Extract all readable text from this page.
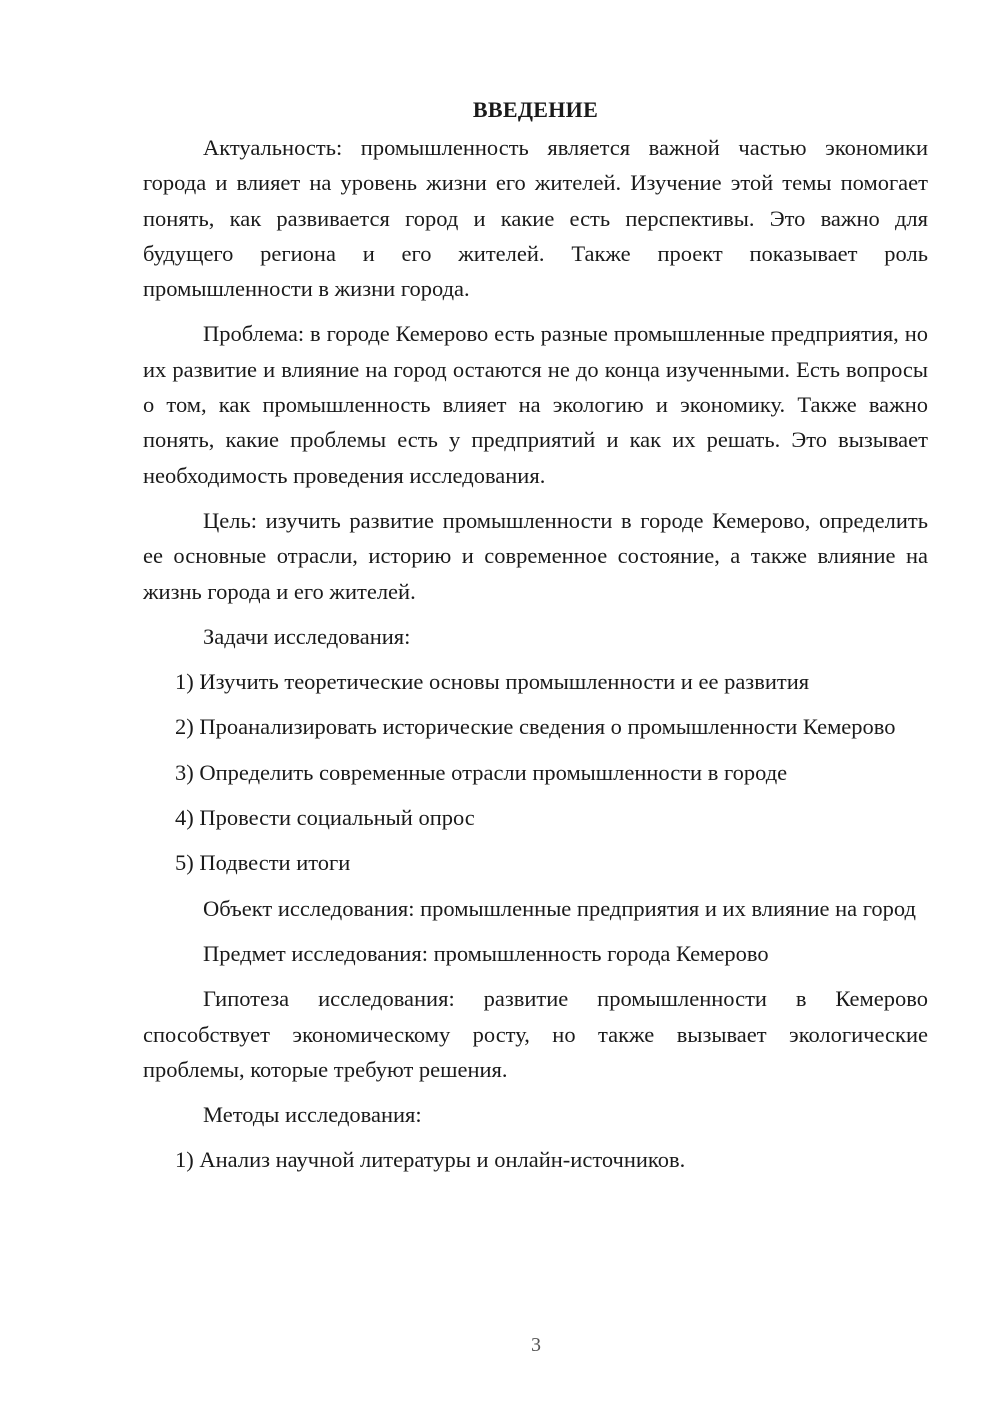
ВВЕДЕНИЕ

Актуальность: промышленность является важной частью экономики города и влияет на уровень жизни его жителей. Изучение этой темы помогает понять, как развивается город и какие есть перспективы. Это важно для будущего региона и его жителей. Также проект показывает роль промышленности в жизни города.

Проблема: в городе Кемерово есть разные промышленные предприятия, но их развитие и влияние на город остаются не до конца изученными. Есть вопросы о том, как промышленность влияет на экологию и экономику. Также важно понять, какие проблемы есть у предприятий и как их решать. Это вызывает необходимость проведения исследования.

Цель: изучить развитие промышленности в городе Кемерово, определить ее основные отрасли, историю и современное состояние, а также влияние на жизнь города и его жителей.

Задачи исследования:

1) Изучить теоретические основы промышленности и ее развития

2) Проанализировать исторические сведения о промышленности Кемерово

3) Определить современные отрасли промышленности в городе

4) Провести социальный опрос

5) Подвести итоги

Объект исследования: промышленные предприятия и их влияние на город

Предмет исследования: промышленность города Кемерово

Гипотеза исследования: развитие промышленности в Кемерово способствует экономическому росту, но также вызывает экологические проблемы, которые требуют решения.

Методы исследования:

1) Анализ научной литературы и онлайн-источников.

3
